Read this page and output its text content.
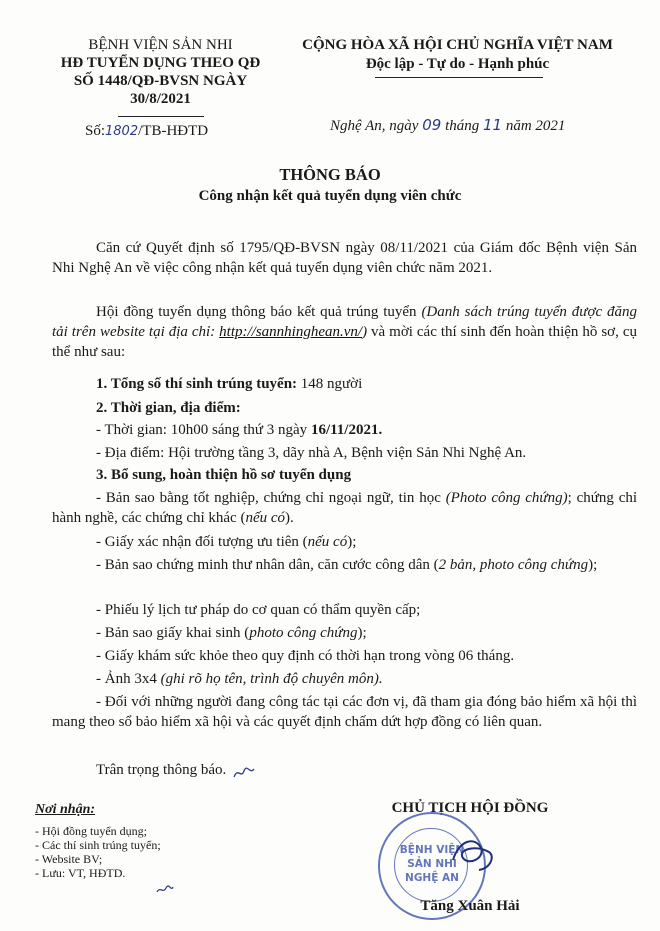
BỆNH VIỆN SẢN NHI
HĐ TUYỂN DỤNG THEO QĐ
SỐ 1448/QĐ-BVSN NGÀY
30/8/2021
Số:1802/TB-HĐTD
CỘNG HÒA XÃ HỘI CHỦ NGHĨA VIỆT NAM
Độc lập - Tự do - Hạnh phúc
Nghệ An, ngày 09 tháng 11 năm 2021
THÔNG BÁO
Công nhận kết quả tuyển dụng viên chức
Căn cứ Quyết định số 1795/QĐ-BVSN ngày 08/11/2021 của Giám đốc Bệnh viện Sản Nhi Nghệ An về việc công nhận kết quả tuyển dụng viên chức năm 2021.
Hội đồng tuyển dụng thông báo kết quả trúng tuyển (Danh sách trúng tuyển được đăng tải trên website tại địa chỉ: http://sannhinghean.vn/) và mời các thí sinh đến hoàn thiện hồ sơ, cụ thể như sau:
1. Tổng số thí sinh trúng tuyển: 148 người
2. Thời gian, địa điểm:
- Thời gian: 10h00 sáng thứ 3 ngày 16/11/2021.
- Địa điểm: Hội trường tầng 3, dãy nhà A, Bệnh viện Sản Nhi Nghệ An.
3. Bổ sung, hoàn thiện hồ sơ tuyển dụng
- Bản sao bằng tốt nghiệp, chứng chỉ ngoại ngữ, tin học (Photo công chứng); chứng chỉ hành nghề, các chứng chỉ khác (nếu có).
- Giấy xác nhận đối tượng ưu tiên (nếu có);
- Bản sao chứng minh thư nhân dân, căn cước công dân (2 bản, photo công chứng);
- Phiếu lý lịch tư pháp do cơ quan có thẩm quyền cấp;
- Bản sao giấy khai sinh (photo công chứng);
- Giấy khám sức khỏe theo quy định có thời hạn trong vòng 06 tháng.
- Ảnh 3x4 (ghi rõ họ tên, trình độ chuyên môn).
- Đối với những người đang công tác tại các đơn vị, đã tham gia đóng bảo hiểm xã hội thì mang theo sổ bảo hiểm xã hội và các quyết định chấm dứt hợp đồng có liên quan.
Trân trọng thông báo.
Nơi nhận:
- Hội đồng tuyển dụng;
- Các thí sinh trúng tuyển;
- Website BV;
- Lưu: VT, HĐTD.
CHỦ TỊCH HỘI ĐỒNG
BỆNH VIỆN
SẢN NHI
NGHỆ AN
Tăng Xuân Hải
